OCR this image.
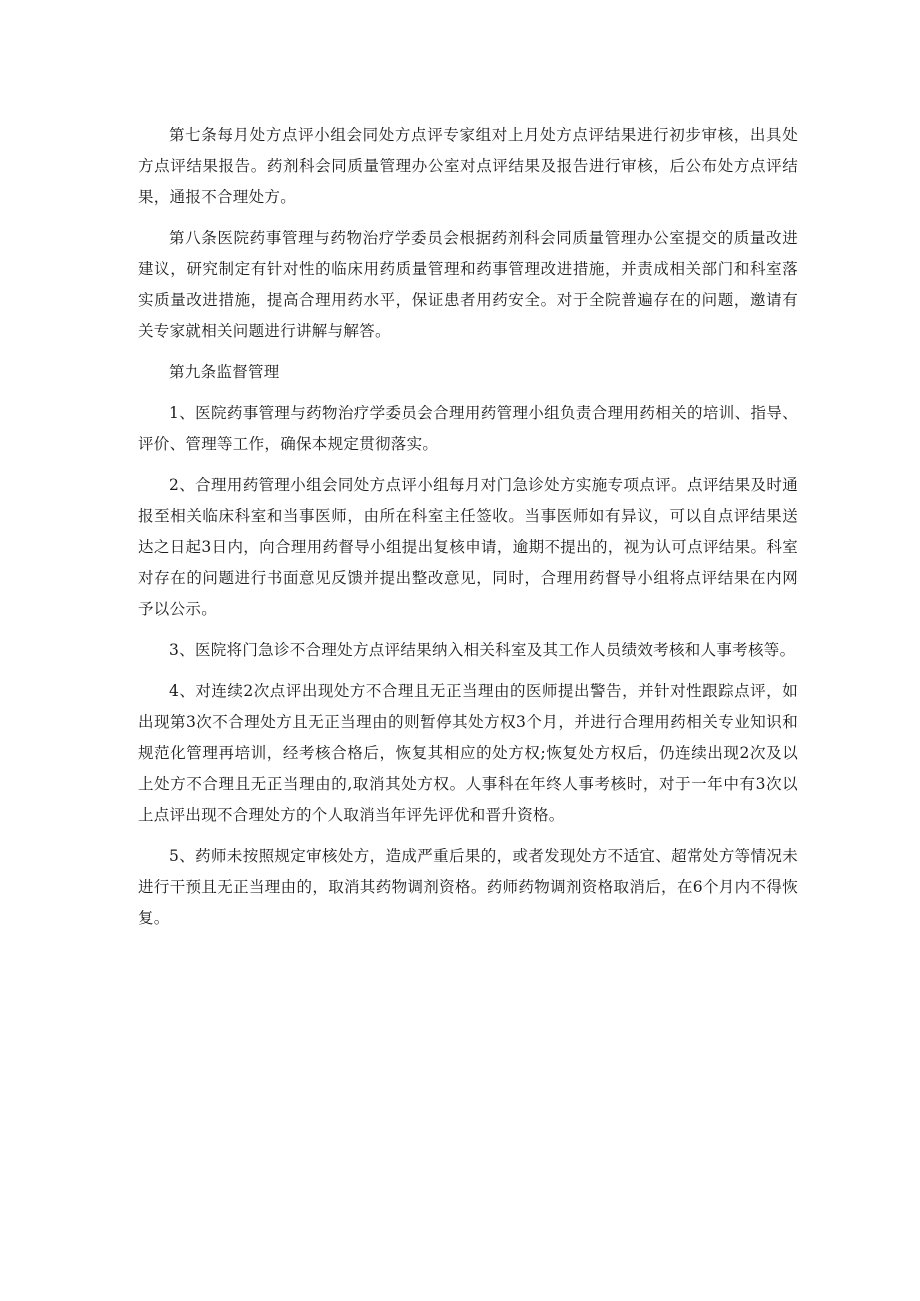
第七条每月处方点评小组会同处方点评专家组对上月处方点评结果进行初步审核，出具处方点评结果报告。药剂科会同质量管理办公室对点评结果及报告进行审核，后公布处方点评结果，通报不合理处方。

第八条医院药事管理与药物治疗学委员会根据药剂科会同质量管理办公室提交的质量改进建议，研究制定有针对性的临床用药质量管理和药事管理改进措施，并责成相关部门和科室落实质量改进措施，提高合理用药水平，保证患者用药安全。对于全院普遍存在的问题，邀请有关专家就相关问题进行讲解与解答。

第九条监督管理

1、医院药事管理与药物治疗学委员会合理用药管理小组负责合理用药相关的培训、指导、评价、管理等工作，确保本规定贯彻落实。

2、合理用药管理小组会同处方点评小组每月对门急诊处方实施专项点评。点评结果及时通报至相关临床科室和当事医师，由所在科室主任签收。当事医师如有异议，可以自点评结果送达之日起3日内，向合理用药督导小组提出复核申请，逾期不提出的，视为认可点评结果。科室对存在的问题进行书面意见反馈并提出整改意见，同时，合理用药督导小组将点评结果在内网予以公示。

3、医院将门急诊不合理处方点评结果纳入相关科室及其工作人员绩效考核和人事考核等。

4、对连续2次点评出现处方不合理且无正当理由的医师提出警告，并针对性跟踪点评，如出现第3次不合理处方且无正当理由的则暂停其处方权3个月，并进行合理用药相关专业知识和规范化管理再培训，经考核合格后，恢复其相应的处方权;恢复处方权后，仍连续出现2次及以上处方不合理且无正当理由的,取消其处方权。人事科在年终人事考核时，对于一年中有3次以上点评出现不合理处方的个人取消当年评先评优和晋升资格。

5、药师未按照规定审核处方，造成严重后果的，或者发现处方不适宜、超常处方等情况未进行干预且无正当理由的，取消其药物调剂资格。药师药物调剂资格取消后，在6个月内不得恢复。
